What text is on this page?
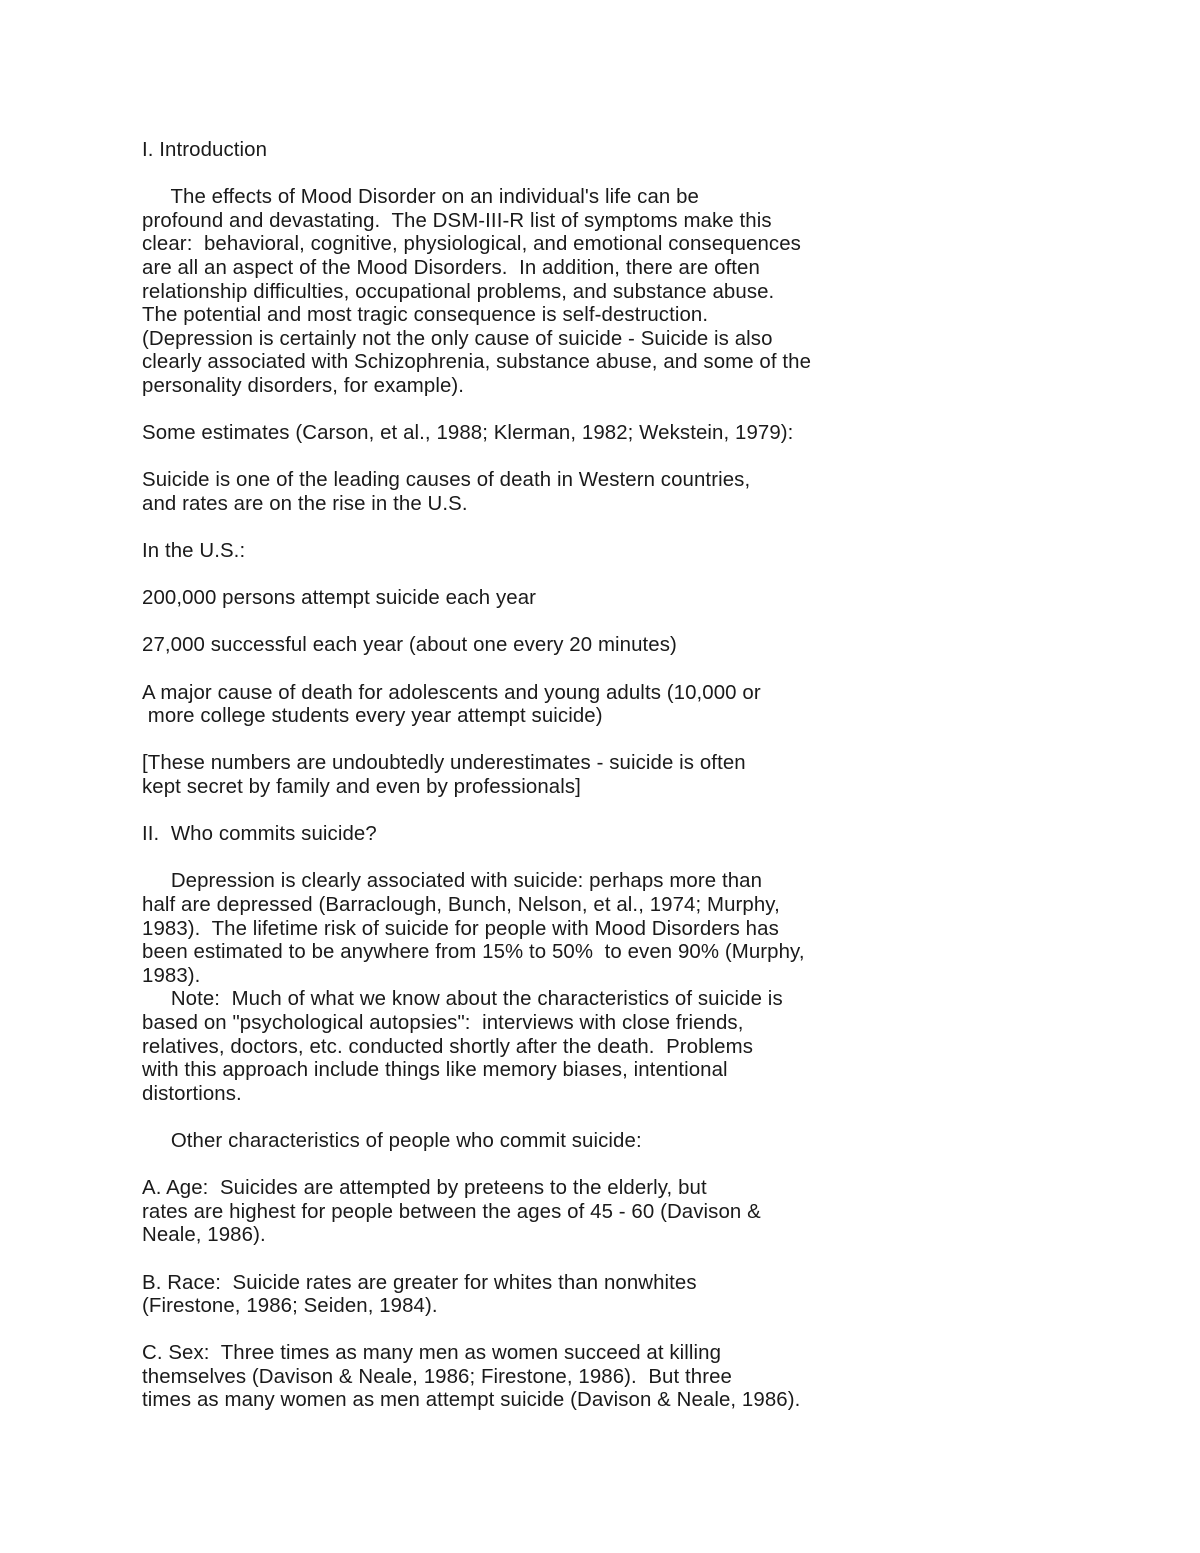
I. Introduction
The effects of Mood Disorder on an individual's life can be
profound and devastating.  The DSM-III-R list of symptoms make this
clear:  behavioral, cognitive, physiological, and emotional consequences
are all an aspect of the Mood Disorders.  In addition, there are often
relationship difficulties, occupational problems, and substance abuse.
The potential and most tragic consequence is self-destruction.
(Depression is certainly not the only cause of suicide - Suicide is also
clearly associated with Schizophrenia, substance abuse, and some of the
personality disorders, for example).
Some estimates (Carson, et al., 1988; Klerman, 1982; Wekstein, 1979):
Suicide is one of the leading causes of death in Western countries,
and rates are on the rise in the U.S.
In the U.S.:
200,000 persons attempt suicide each year
27,000 successful each year (about one every 20 minutes)
A major cause of death for adolescents and young adults (10,000 or
more college students every year attempt suicide)
[These numbers are undoubtedly underestimates - suicide is often
kept secret by family and even by professionals]
II.  Who commits suicide?
Depression is clearly associated with suicide: perhaps more than
half are depressed (Barraclough, Bunch, Nelson, et al., 1974; Murphy,
1983).  The lifetime risk of suicide for people with Mood Disorders has
been estimated to be anywhere from 15% to 50%  to even 90% (Murphy,
1983).
Note:  Much of what we know about the characteristics of suicide is
based on "psychological autopsies":  interviews with close friends,
relatives, doctors, etc. conducted shortly after the death.  Problems
with this approach include things like memory biases, intentional
distortions.
Other characteristics of people who commit suicide:
A. Age:  Suicides are attempted by preteens to the elderly, but
rates are highest for people between the ages of 45 - 60 (Davison &
Neale, 1986).
B. Race:  Suicide rates are greater for whites than nonwhites
(Firestone, 1986; Seiden, 1984).
C. Sex:  Three times as many men as women succeed at killing
themselves (Davison & Neale, 1986; Firestone, 1986).  But three
times as many women as men attempt suicide (Davison & Neale, 1986).
